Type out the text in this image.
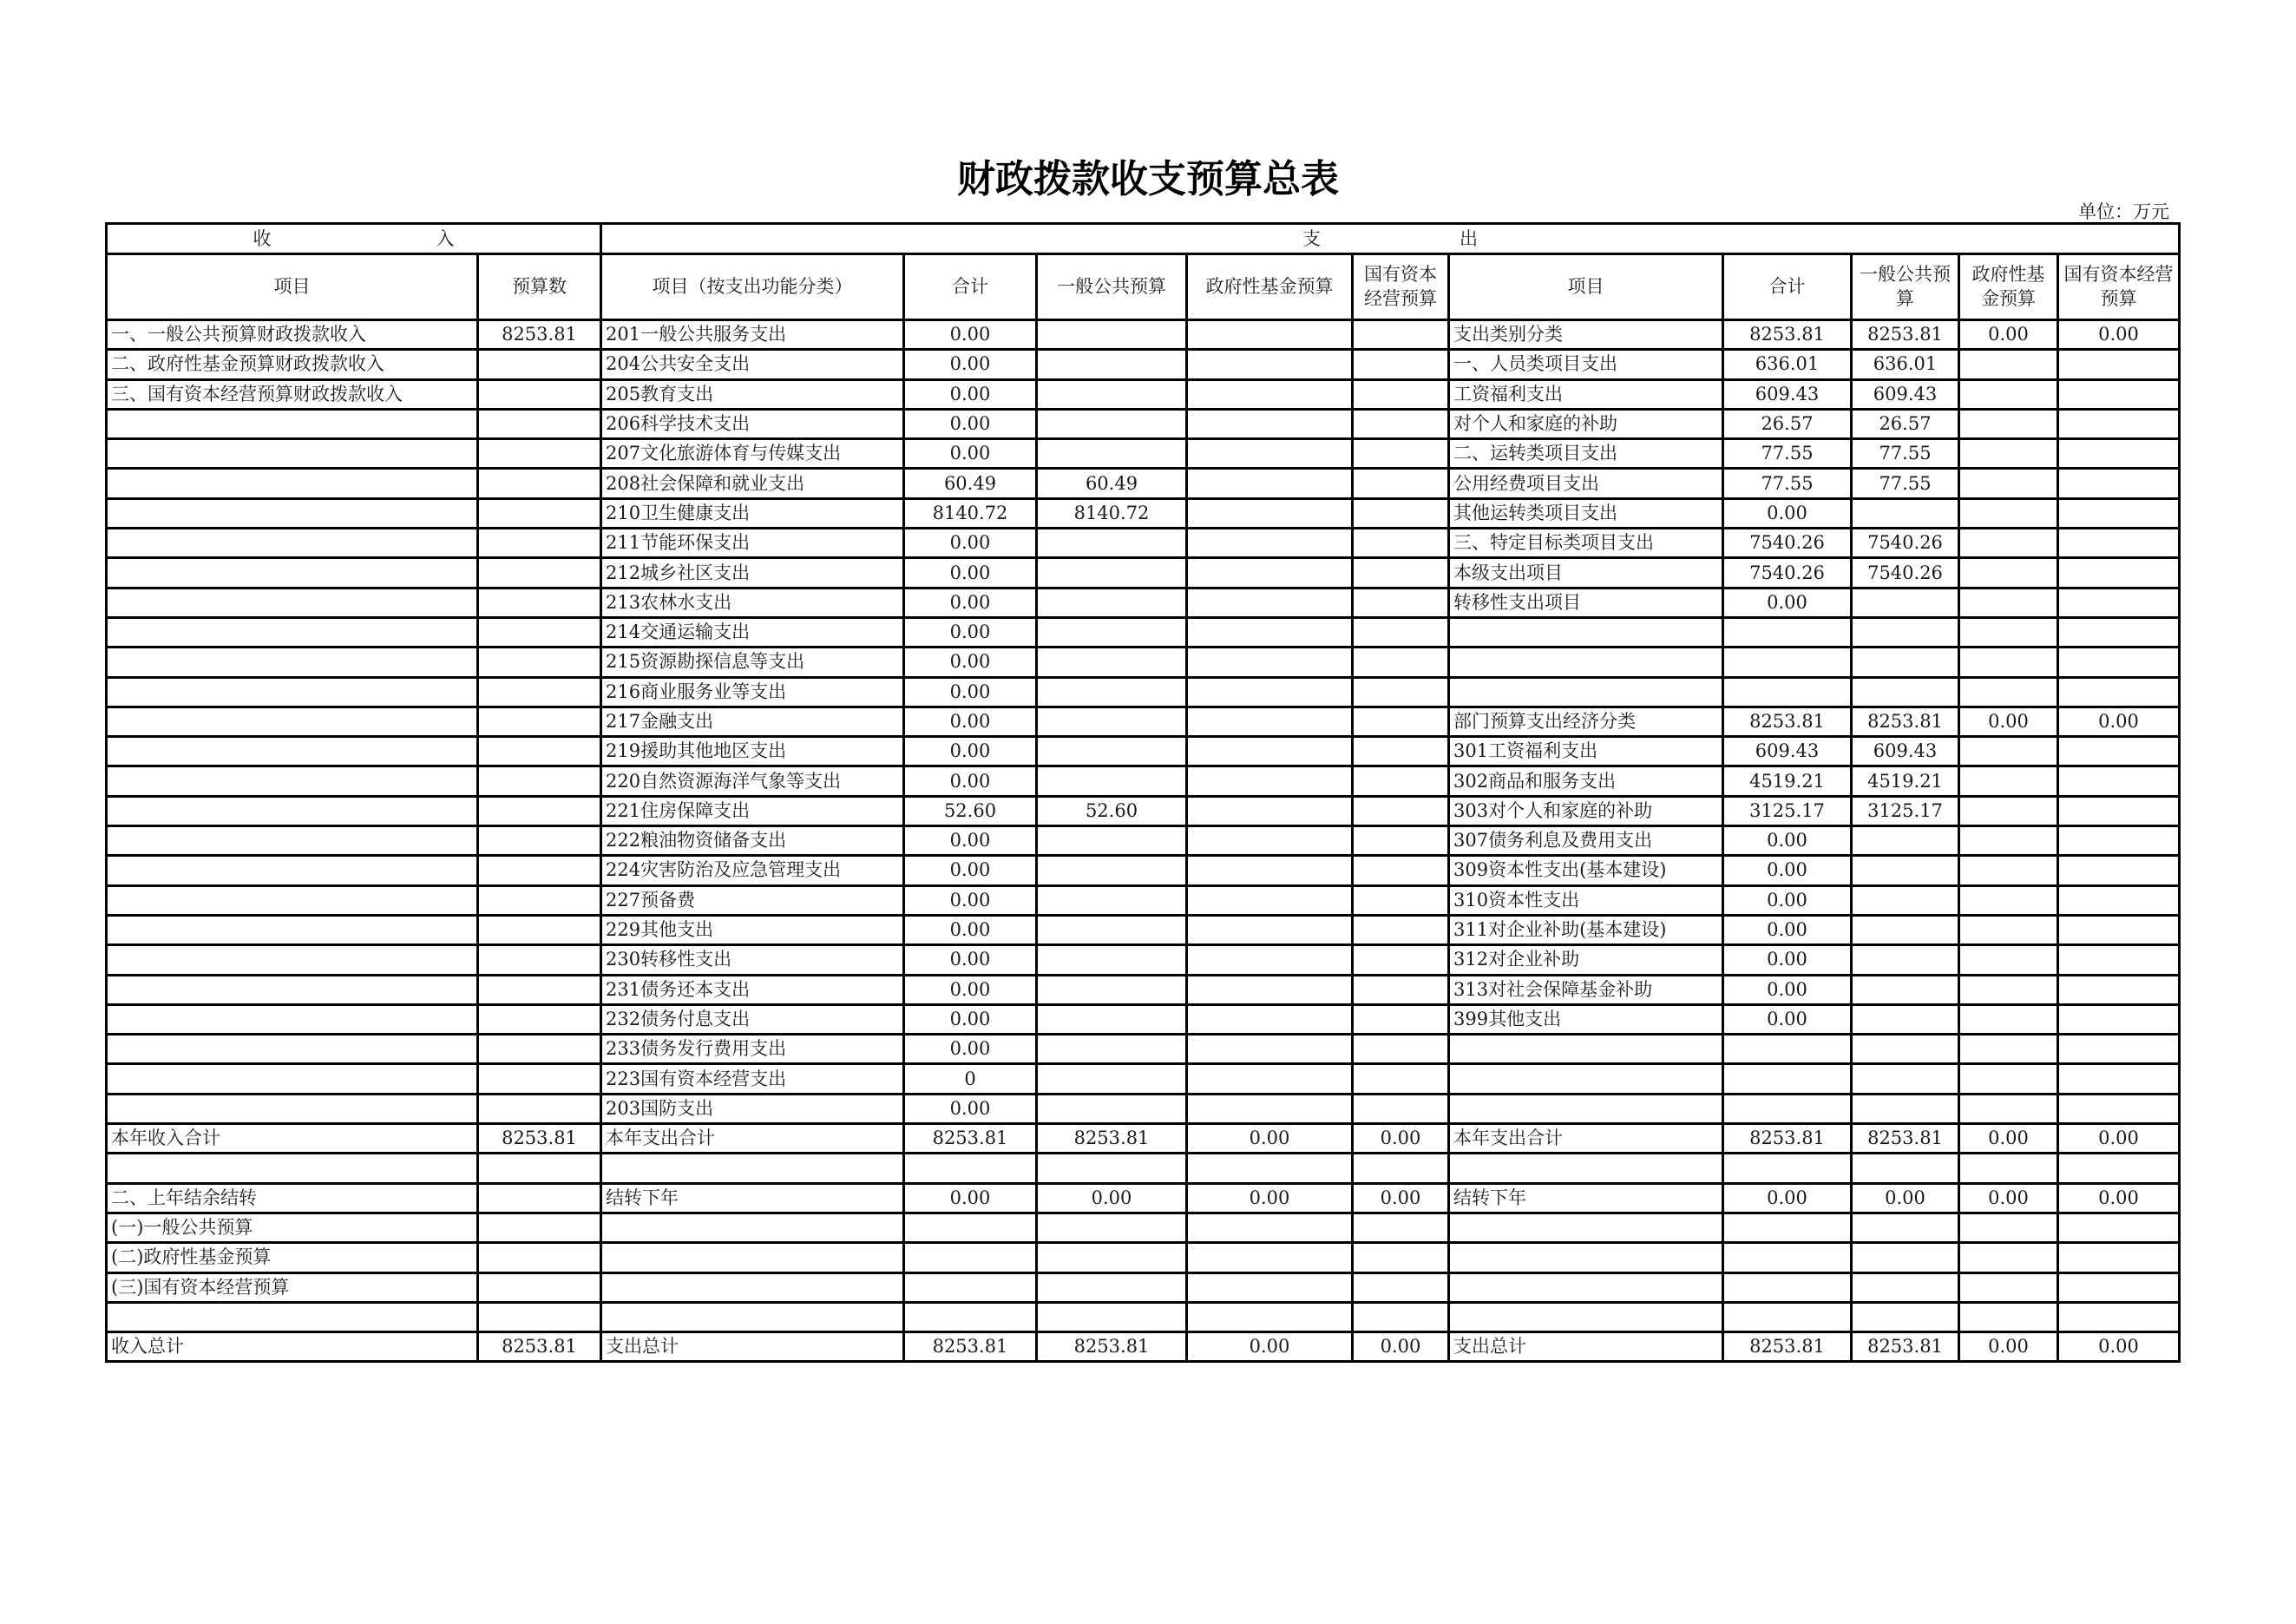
财政拨款收支预算总表
单位：万元
收 入		支 出									
项目	预算数	项目（按支出功能分类）	合计	一般公共预算	政府性基金预算	国有资本经营预算	项目	合计	一般公共预算	政府性基金预算	国有资本经营预算
一、一般公共预算财政拨款收入	8253.81	201一般公共服务支出	0.00				支出类别分类	8253.81	8253.81	0.00	0.00
二、政府性基金预算财政拨款收入		204公共安全支出	0.00				一、人员类项目支出	636.01	636.01		
三、国有资本经营预算财政拨款收入		205教育支出	0.00				工资福利支出	609.43	609.43		
		206科学技术支出	0.00				对个人和家庭的补助	26.57	26.57		
		207文化旅游体育与传媒支出	0.00				二、运转类项目支出	77.55	77.55		
		208社会保障和就业支出	60.49	60.49			公用经费项目支出	77.55	77.55		
		210卫生健康支出	8140.72	8140.72			其他运转类项目支出	0.00			
		211节能环保支出	0.00				三、特定目标类项目支出	7540.26	7540.26		
		212城乡社区支出	0.00				本级支出项目	7540.26	7540.26		
		213农林水支出	0.00				转移性支出项目	0.00			
		214交通运输支出	0.00								
		215资源勘探信息等支出	0.00								
		216商业服务业等支出	0.00								
		217金融支出	0.00				部门预算支出经济分类	8253.81	8253.81	0.00	0.00
		219援助其他地区支出	0.00				301工资福利支出	609.43	609.43		
		220自然资源海洋气象等支出	0.00				302商品和服务支出	4519.21	4519.21		
		221住房保障支出	52.60	52.60			303对个人和家庭的补助	3125.17	3125.17		
		222粮油物资储备支出	0.00				307债务利息及费用支出	0.00			
		224灾害防治及应急管理支出	0.00				309资本性支出(基本建设)	0.00			
		227预备费	0.00				310资本性支出	0.00			
		229其他支出	0.00				311对企业补助(基本建设)	0.00			
		230转移性支出	0.00				312对企业补助	0.00			
		231债务还本支出	0.00				313对社会保障基金补助	0.00			
		232债务付息支出	0.00				399其他支出	0.00			
		233债务发行费用支出	0.00								
		223国有资本经营支出	0								
		203国防支出	0.00								
本年收入合计	8253.81	本年支出合计	8253.81	8253.81	0.00	0.00	本年支出合计	8253.81	8253.81	0.00	0.00

二、上年结余结转		结转下年	0.00	0.00	0.00	0.00	结转下年	0.00	0.00	0.00	0.00
(一)一般公共预算											
(二)政府性基金预算											
(三)国有资本经营预算											

收入总计	8253.81	支出总计	8253.81	8253.81	0.00	0.00	支出总计	8253.81	8253.81	0.00	0.00
